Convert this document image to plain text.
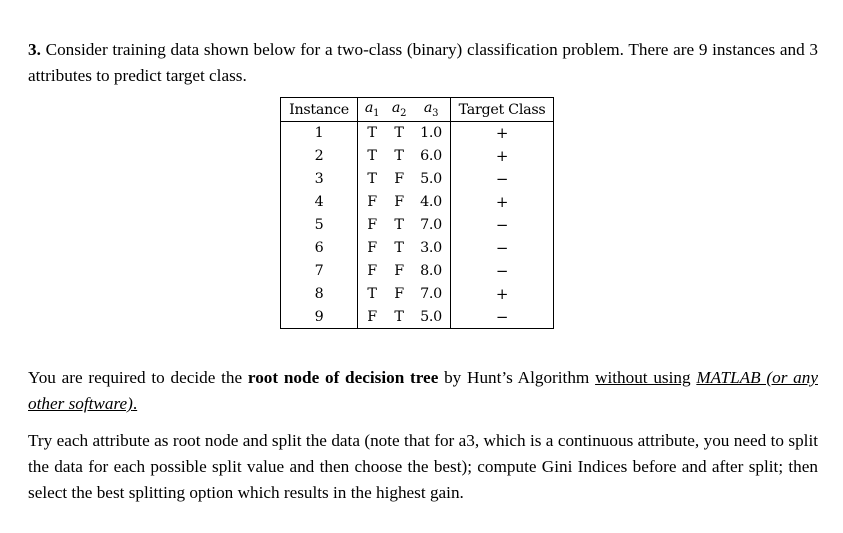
3. Consider training data shown below for a two-class (binary) classification problem. There are 9 instances and 3 attributes to predict target class.
Instance	$a_1$	$a_2$	$a_3$	Target Class
1	T	T	1.0	+
2	T	T	6.0	+
3	T	F	5.0	−
4	F	F	4.0	+
5	F	T	7.0	−
6	F	T	3.0	−
7	F	F	8.0	−
8	T	F	7.0	+
9	F	T	5.0	−
You are required to decide the root node of decision tree by Hunt’s Algorithm without using MATLAB (or any other software).
Try each attribute as root node and split the data (note that for a3, which is a continuous attribute, you need to split the data for each possible split value and then choose the best); compute Gini Indices before and after split; then select the best splitting option which results in the highest gain.
